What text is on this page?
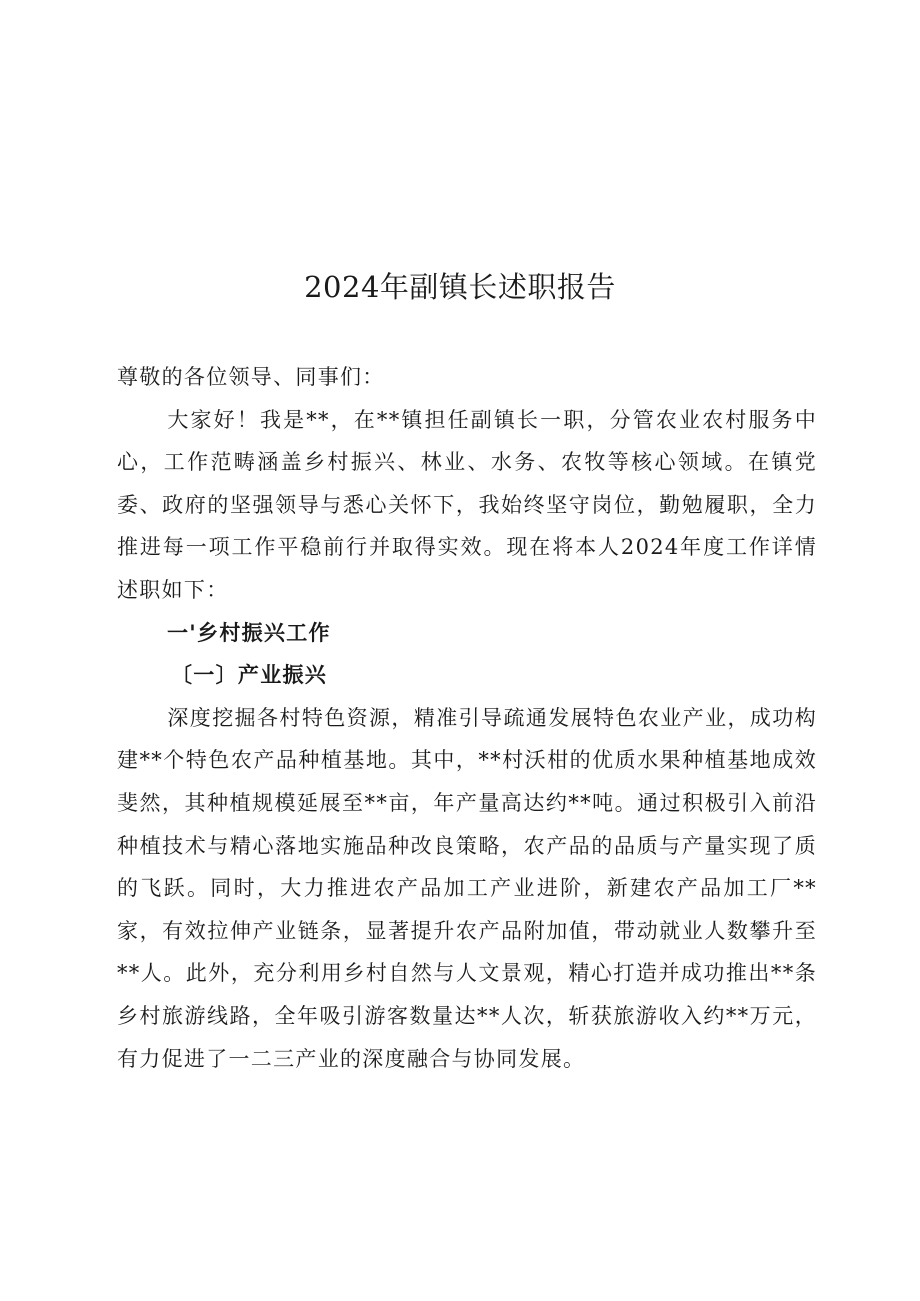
2024年副镇长述职报告

尊敬的各位领导、同事们：

大家好！我是**，在**镇担任副镇长一职，分管农业农村服务中心，工作范畴涵盖乡村振兴、林业、水务、农牧等核心领域。在镇党委、政府的坚强领导与悉心关怀下，我始终坚守岗位，勤勉履职，全力推进每一项工作平稳前行并取得实效。现在将本人2024年度工作详情述职如下：

一'乡村振兴工作

〔一〕产业振兴

深度挖掘各村特色资源，精准引导疏通发展特色农业产业，成功构建**个特色农产品种植基地。其中，**村沃柑的优质水果种植基地成效斐然，其种植规模延展至**亩，年产量高达约**吨。通过积极引入前沿种植技术与精心落地实施品种改良策略，农产品的品质与产量实现了质的飞跃。同时，大力推进农产品加工产业进阶，新建农产品加工厂**家，有效拉伸产业链条，显著提升农产品附加值，带动就业人数攀升至**人。此外，充分利用乡村自然与人文景观，精心打造并成功推出**条乡村旅游线路，全年吸引游客数量达**人次，斩获旅游收入约**万元，有力促进了一二三产业的深度融合与协同发展。
